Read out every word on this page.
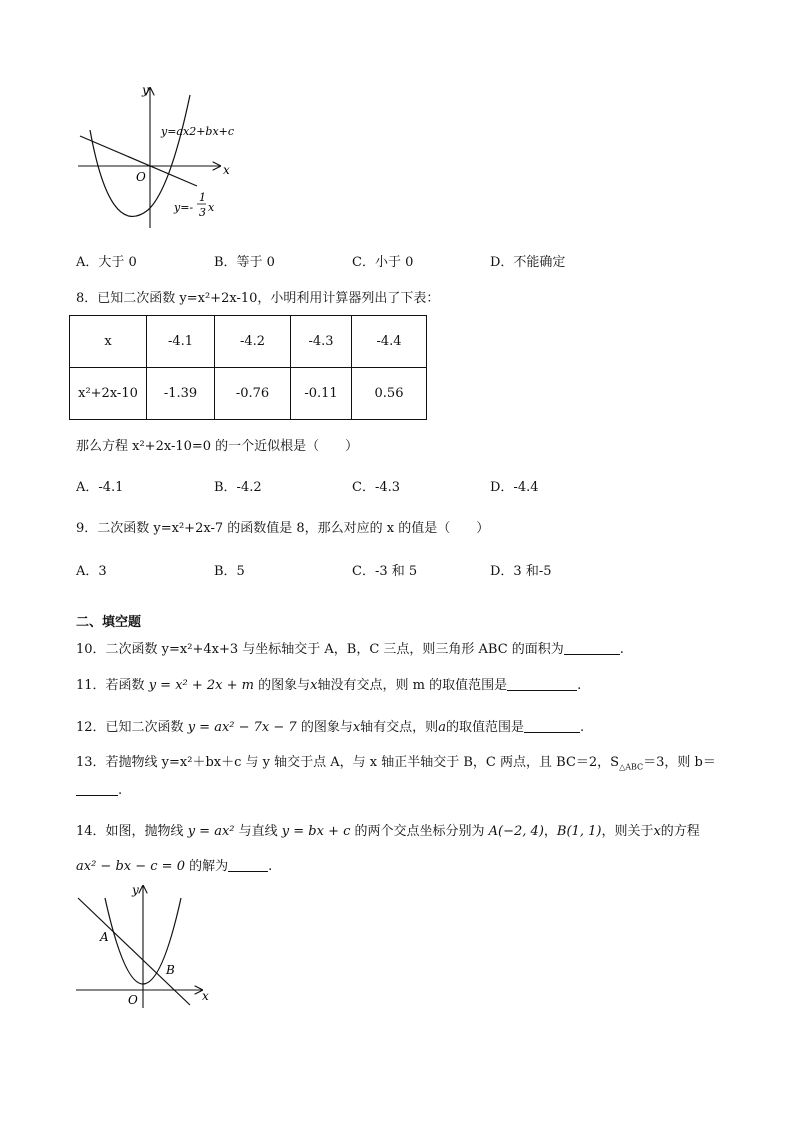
y
x
O
y=ax2+bx+c
y=-
1
3 x
A．大于 0	B．等于 0	C．小于 0	D．不能确定
8．已知二次函数 y=x²+2x-10，小明利用计算器列出了下表：
x	-4.1	-4.2	-4.3	-4.4
x²+2x-10	-1.39	-0.76	-0.11	0.56
那么方程 x²+2x-10=0 的一个近似根是（　　）
A．-4.1	B．-4.2	C．-4.3	D．-4.4
9．二次函数 y=x²+2x-7 的函数值是 8，那么对应的 x 的值是（　　）
A．3	B．5	C．-3 和 5	D．3 和-5
二、填空题
10．二次函数 y=x²+4x+3 与坐标轴交于 A，B，C 三点，则三角形 ABC 的面积为	.
11．若函数 y = x² + 2x + m 的图象与x轴没有交点，则 m 的取值范围是	.
12．已知二次函数 y = ax² − 7x − 7 的图象与x轴有交点，则a的取值范围是	.
13．若抛物线 y=x²＋bx＋c 与 y 轴交于点 A，与 x 轴正半轴交于 B，C 两点，且 BC＝2，$S_{\triangle ABC}=3$，则 b＝
.
14．如图，抛物线 y = ax² 与直线 y = bx + c 的两个交点坐标分别为 A(−2, 4)，B(1, 1)，则关于x的方程
ax² − bx − c = 0 的解为	.
y
x
O
A
B
